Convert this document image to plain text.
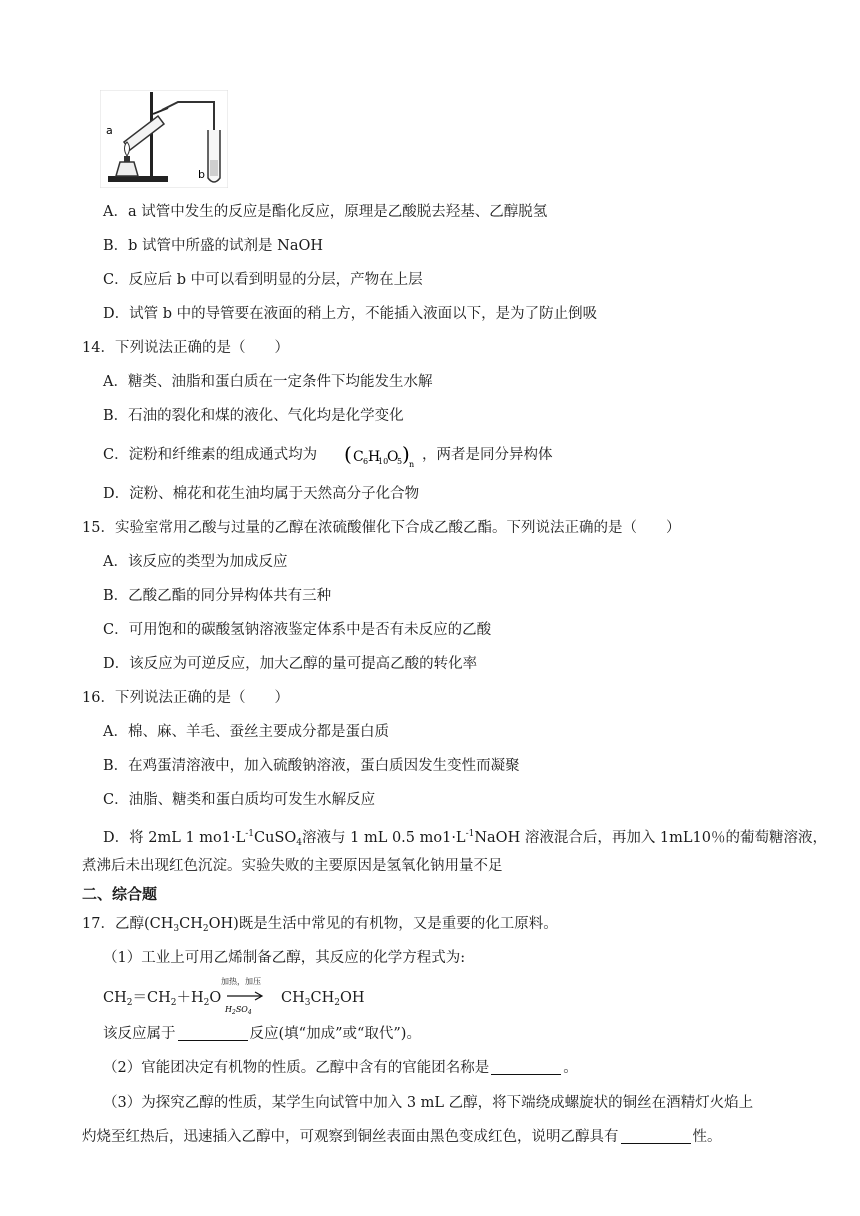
a
b
A．a 试管中发生的反应是酯化反应，原理是乙酸脱去羟基、乙醇脱氢
B．b 试管中所盛的试剂是 NaOH
C．反应后 b 中可以看到明显的分层，产物在上层
D．试管 b 中的导管要在液面的稍上方，不能插入液面以下，是为了防止倒吸
14．下列说法正确的是（　　）
A．糖类、油脂和蛋白质在一定条件下均能发生水解
B．石油的裂化和煤的液化、气化均是化学变化
C．淀粉和纤维素的组成通式均为 ( C 6 H
10
O
5 ) n
，两者是同分异构体
D．淀粉、棉花和花生油均属于天然高分子化合物
15．实验室常用乙酸与过量的乙醇在浓硫酸催化下合成乙酸乙酯。下列说法正确的是（　　）
A．该反应的类型为加成反应
B．乙酸乙酯的同分异构体共有三种
C．可用饱和的碳酸氢钠溶液鉴定体系中是否有未反应的乙酸
D．该反应为可逆反应，加大乙醇的量可提高乙酸的转化率
16．下列说法正确的是（　　）
A．棉、麻、羊毛、蚕丝主要成分都是蛋白质
B．在鸡蛋清溶液中，加入硫酸钠溶液，蛋白质因发生变性而凝聚
C．油脂、糖类和蛋白质均可发生水解反应
D．将 2mL 1 $mo1\cdot L^{-1}CuSO_4$溶液与 1 mL 0.5 $mo1\cdot L^{-1}NaOH$ 溶液混合后，再加入 1mL10％的葡萄糖溶液，
煮沸后未出现红色沉淀。实验失败的主要原因是氢氧化钠用量不足
二、综合题
17．乙醇$(CH_3CH_2OH)$既是生活中常见的有机物，又是重要的化工原料。
（1）工业上可用乙烯制备乙醇，其反应的化学方程式为:
$CH_2=CH_2+H_2O$
加热，加压
$H_2SO_4$
$CH_3CH_2OH$
该反应属于	反应(填“加成”或“取代”)。
（2）官能团决定有机物的性质。乙醇中含有的官能团名称是	。
（3）为探究乙醇的性质，某学生向试管中加入 3 mL 乙醇，将下端绕成螺旋状的铜丝在酒精灯火焰上
灼烧至红热后，迅速插入乙醇中，可观察到铜丝表面由黑色变成红色，说明乙醇具有	性。
